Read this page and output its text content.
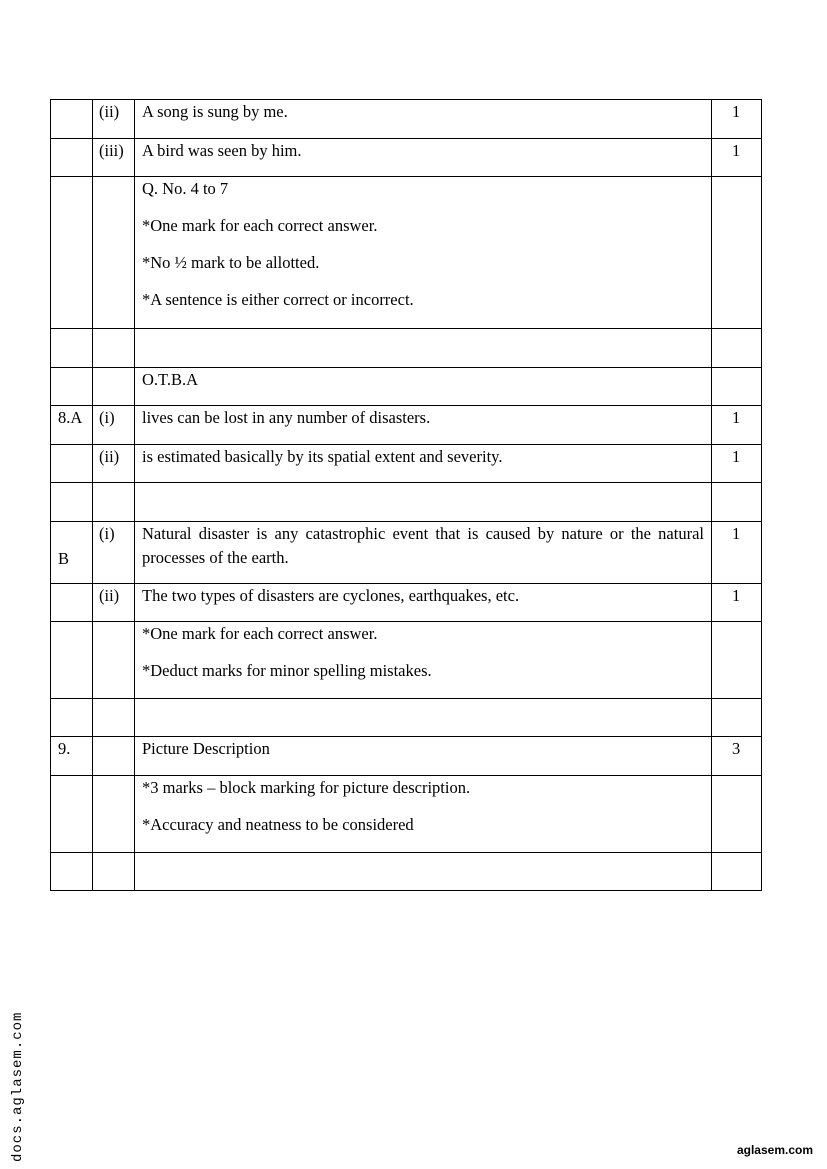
	(ii)	A song is sung by me.	1
	(iii)	A bird was seen by him.	1

		Q. No. 4 to 7
*One mark for each correct answer.
*No ½ mark to be allotted.
*A sentence is either correct or incorrect.	

		O.T.B.A	

8.A	(i)	lives can be lost in any number of disasters.	1
	(ii)	is estimated basically by its spatial extent and severity.	1

B	(i)	Natural disaster is any catastrophic event that is caused by nature or the natural processes of the earth.	1
	(ii)	The two types of disasters are cyclones, earthquakes, etc.	1

		*One mark for each correct answer.
*Deduct marks for minor spelling mistakes.	

9.		Picture Description	3

		*3 marks – block marking for picture description.
*Accuracy and neatness to be considered	

docs.aglasem.com	aglasem.com
